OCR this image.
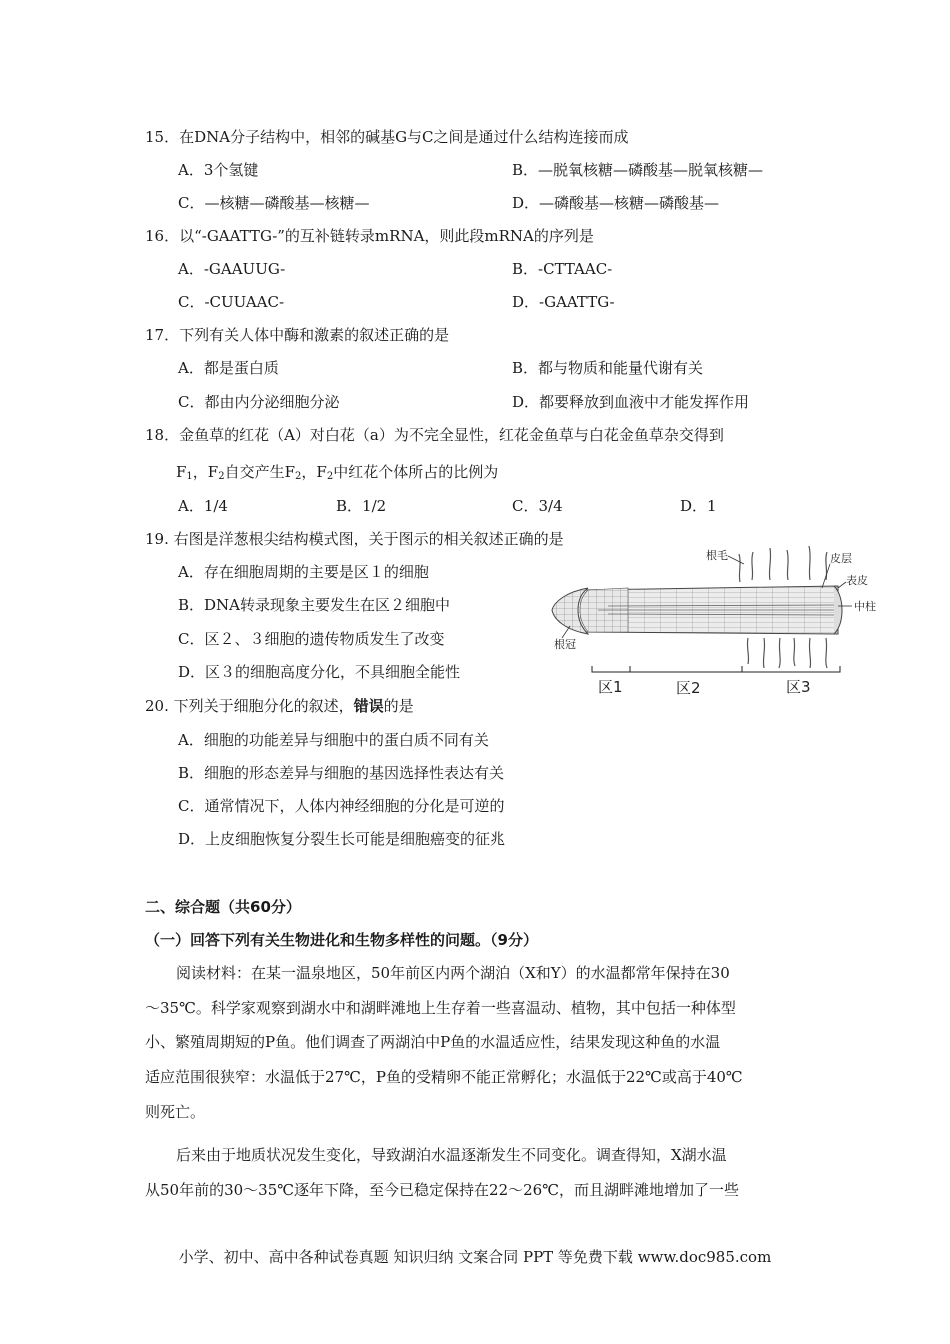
15．在DNA分子结构中，相邻的碱基G与C之间是通过什么结构连接而成
A．3个氢键	B．—脱氧核糖—磷酸基—脱氧核糖—
C．—核糖—磷酸基—核糖—	D．—磷酸基—核糖—磷酸基—
16．以“-GAATTG-”的互补链转录mRNA，则此段mRNA的序列是
A．-GAAUUG-	B．-CTTAAC-
C．-CUUAAC-	D．-GAATTG-
17．下列有关人体中酶和激素的叙述正确的是
A．都是蛋白质	B．都与物质和能量代谢有关
C．都由内分泌细胞分泌	D．都要释放到血液中才能发挥作用
18．金鱼草的红花（A）对白花（a）为不完全显性，红花金鱼草与白花金鱼草杂交得到
$F_1$，$F_2$自交产生$F_2$，$F_2$中红花个体所占的比例为
A．1/4	B．1/2	C．3/4	D．1
19. 右图是洋葱根尖结构模式图，关于图示的相关叙述正确的是
A．存在细胞周期的主要是区１的细胞
B．DNA转录现象主要发生在区２细胞中
C．区２、３细胞的遗传物质发生了改变
D．区３的细胞高度分化，不具细胞全能性
根毛	皮层
表皮
中柱
根冠
区1	区2	区3
20. 下列关于细胞分化的叙述，错误的是
A．细胞的功能差异与细胞中的蛋白质不同有关
B．细胞的形态差异与细胞的基因选择性表达有关
C．通常情况下，人体内神经细胞的分化是可逆的
D．上皮细胞恢复分裂生长可能是细胞癌变的征兆
二、综合题（共60分）
（一）回答下列有关生物进化和生物多样性的问题。（9分）
阅读材料：在某一温泉地区，50年前区内两个湖泊（X和Y）的水温都常年保持在30
～35℃。科学家观察到湖水中和湖畔滩地上生存着一些喜温动、植物，其中包括一种体型
小、繁殖周期短的P鱼。他们调查了两湖泊中P鱼的水温适应性，结果发现这种鱼的水温
适应范围很狭窄：水温低于27℃，P鱼的受精卵不能正常孵化；水温低于22℃或高于40℃
则死亡。
后来由于地质状况发生变化，导致湖泊水温逐渐发生不同变化。调查得知，X湖水温
从50年前的30～35℃逐年下降，至今已稳定保持在22～26℃，而且湖畔滩地增加了一些
小学、初中、高中各种试卷真题 知识归纳 文案合同 PPT 等免费下载 www.doc985.com
